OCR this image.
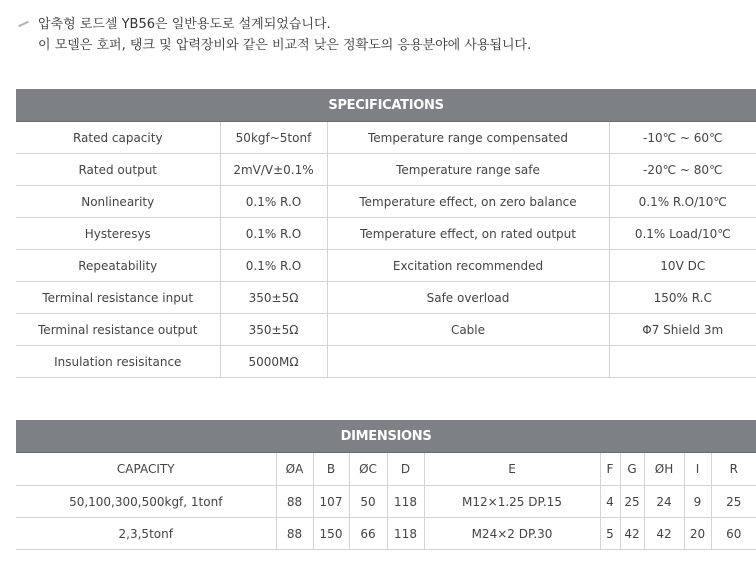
압축형 로드셀 YB56은 일반용도로 설계되었습니다.
이 모델은 호퍼, 탱크 및 압력장비와 같은 비교적 낮은 정확도의 응용분야에 사용됩니다.
SPECIFICATIONS			
Rated capacity	50kgf~5tonf	Temperature range compensated	-10℃ ~ 60℃
Rated output	2mV/V±0.1%	Temperature range safe	-20℃ ~ 80℃
Nonlinearity	0.1% R.O	Temperature effect, on zero balance	0.1% R.O/10℃
Hysteresys	0.1% R.O	Temperature effect, on rated output	0.1% Load/10℃
Repeatability	0.1% R.O	Excitation recommended	10V DC
Terminal resistance input	350±5Ω	Safe overload	150% R.C
Terminal resistance output	350±5Ω	Cable	Φ7 Shield 3m
Insulation resisitance	5000MΩ		
DIMENSIONS										
CAPACITY	ØA	B	ØC	D	E	F	G	ØH	I	R
50,100,300,500kgf, 1tonf	88	107	50	118	M12×1.25 DP.15	4	25	24	9	25
2,3,5tonf	88	150	66	118	M24×2 DP.30	5	42	42	20	60
